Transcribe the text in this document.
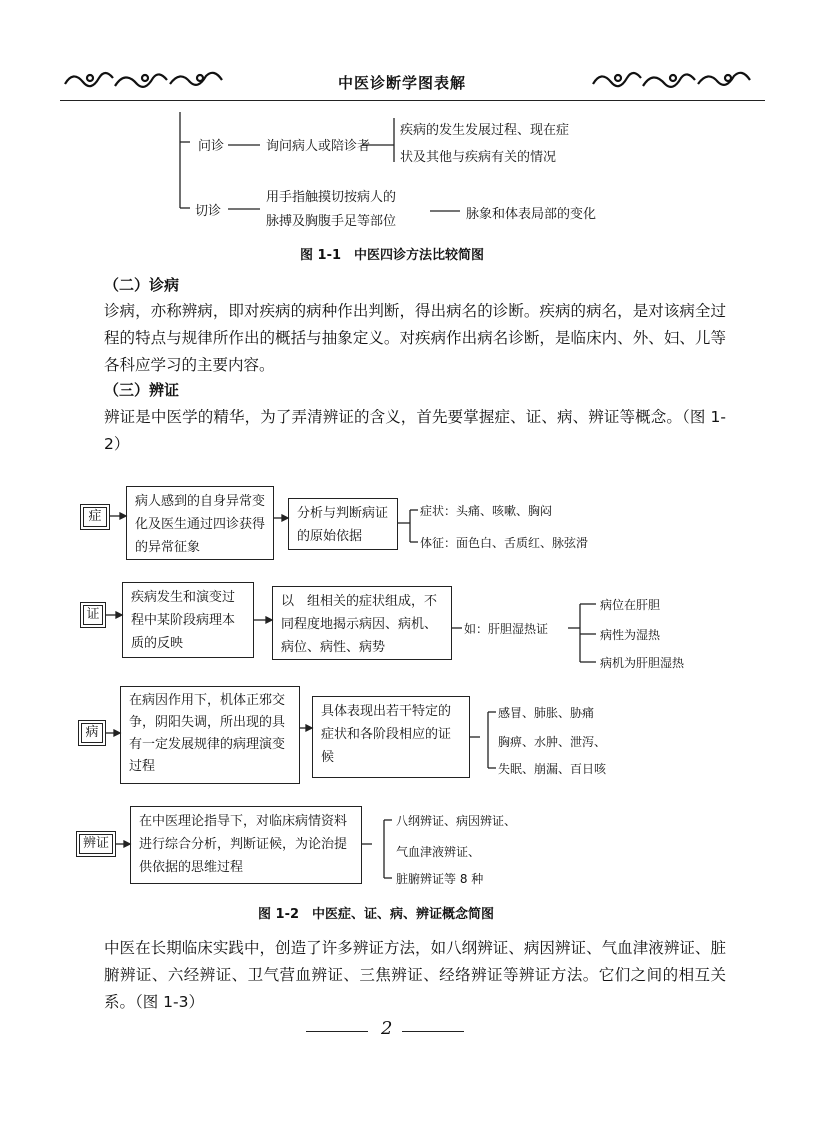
中医诊断学图表解
问诊	询问病人或陪诊者
疾病的发生发展过程、现在症
状及其他与疾病有关的情况
切诊
用手指触摸切按病人的
脉搏及胸腹手足等部位	脉象和体表局部的变化
图 1-1　中医四诊方法比较简图
（二）诊病
诊病，亦称辨病，即对疾病的病种作出判断，得出病名的诊断。疾病的病名，是对该病全过程的特点与规律所作出的概括与抽象定义。对疾病作出病名诊断，是临床内、外、妇、儿等各科应学习的主要内容。
（三）辨证
辨证是中医学的精华，为了弄清辨证的含义，首先要掌握症、证、病、辨证等概念。（图 1-2）
症
病人感到的自身异常变化及医生通过四诊获得的异常征象
分析与判断病证的原始依据
症状：头痛、咳嗽、胸闷
体征：面色白、舌质红、脉弦滑
证
疾病发生和演变过程中某阶段病理本质的反映
以　组相关的症状组成，不同程度地揭示病因、病机、病位、病性、病势
如：肝胆湿热证
病位在肝胆
病性为湿热
病机为肝胆湿热
病
在病因作用下，机体正邪交争，阴阳失调，所出现的具有一定发展规律的病理演变过程
具体表现出若干特定的症状和各阶段相应的证候
感冒、肺胀、胁痛
胸痹、水肿、泄泻、
失眠、崩漏、百日咳
辨证
在中医理论指导下，对临床病情资料进行综合分析，判断证候，为论治提供依据的思维过程
八纲辨证、病因辨证、
气血津液辨证、
脏腑辨证等 8 种
图 1-2　中医症、证、病、辨证概念简图
中医在长期临床实践中，创造了许多辨证方法，如八纲辨证、病因辨证、气血津液辨证、脏腑辨证、六经辨证、卫气营血辨证、三焦辨证、经络辨证等辨证方法。它们之间的相互关系。（图 1-3）
2
